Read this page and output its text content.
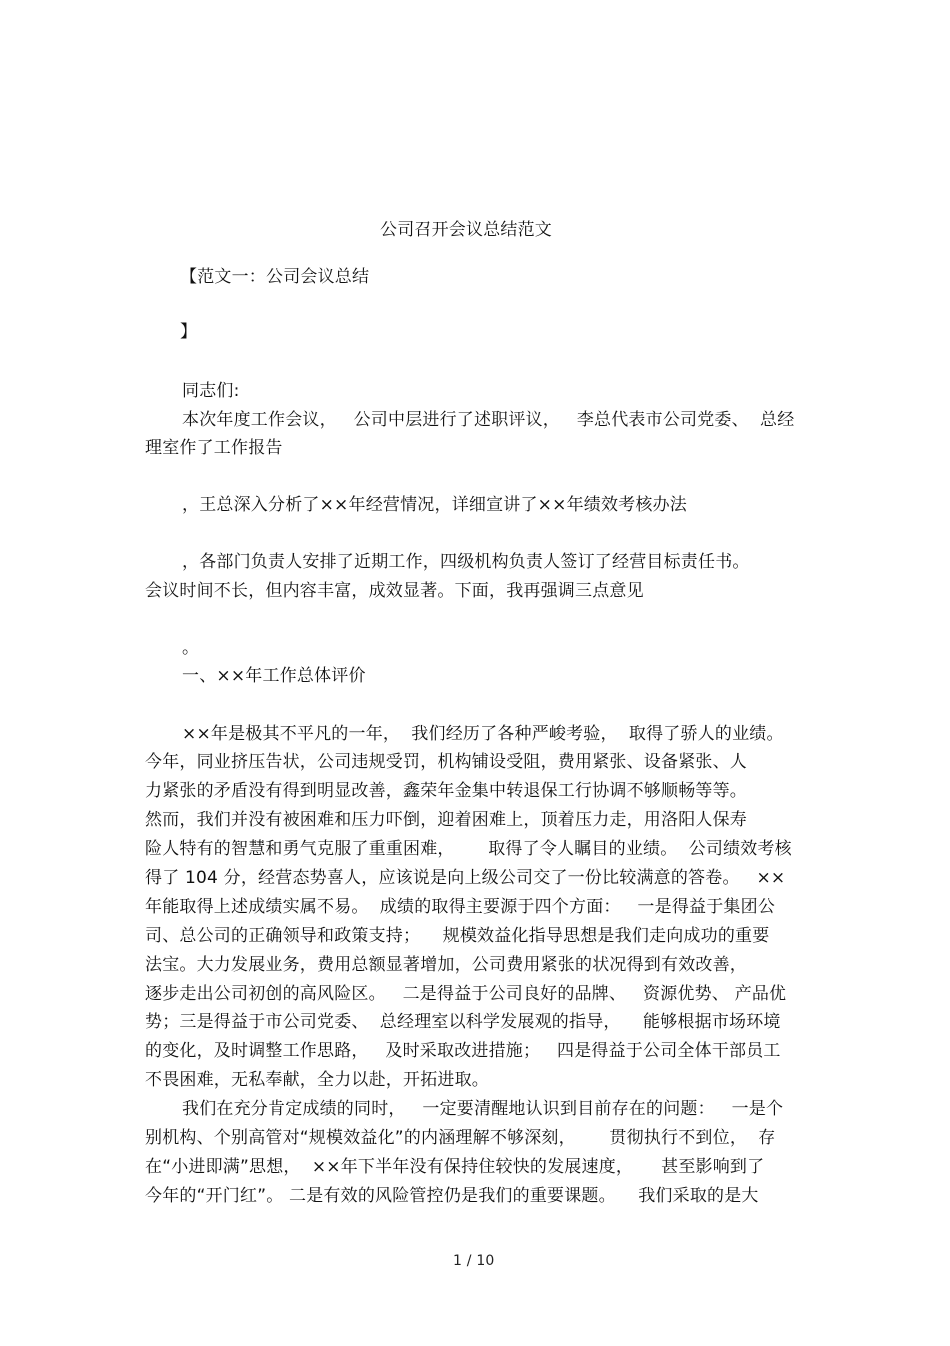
公司召开会议总结范文
【范文一：公司会议总结
】
同志们:
本次年度工作会议，   公司中层进行了述职评议，   李总代表市公司党委、  总经
理室作了工作报告
，王总深入分析了××年经营情况，详细宣讲了××年绩效考核办法
，各部门负责人安排了近期工作，四级机构负责人签订了经营目标责任书。
会议时间不长，但内容丰富，成效显著。下面，我再强调三点意见
。
一、××年工作总体评价
××年是极其不平凡的一年，  我们经历了各种严峻考验，  取得了骄人的业绩。
今年，同业挤压告状，公司违规受罚，机构铺设受阻，费用紧张、设备紧张、人
力紧张的矛盾没有得到明显改善，鑫荣年金集中转退保工行协调不够顺畅等等。
然而，我们并没有被困难和压力吓倒，迎着困难上，顶着压力走，用洛阳人保寿
险人特有的智慧和勇气克服了重重困难，      取得了令人瞩目的业绩。  公司绩效考核
得了 104 分，经营态势喜人，应该说是向上级公司交了一份比较满意的答卷。   ××
年能取得上述成绩实属不易。  成绩的取得主要源于四个方面：   一是得益于集团公
司、总公司的正确领导和政策支持；    规模效益化指导思想是我们走向成功的重要
法宝。大力发展业务，费用总额显著增加，公司费用紧张的状况得到有效改善，
逐步走出公司初创的高风险区。   二是得益于公司良好的品牌、   资源优势、 产品优
势；三是得益于市公司党委、  总经理室以科学发展观的指导，    能够根据市场环境
的变化，及时调整工作思路，   及时采取改进措施；   四是得益于公司全体干部员工
不畏困难，无私奉献，全力以赴，开拓进取。
我们在充分肯定成绩的同时，   一定要清醒地认识到目前存在的问题：   一是个
别机构、个别高管对“规模效益化”的内涵理解不够深刻，      贯彻执行不到位，  存
在“小进即满”思想，  ××年下半年没有保持住较快的发展速度，     甚至影响到了
今年的“开门红”。 二是有效的风险管控仍是我们的重要课题。    我们采取的是大
1 / 10
